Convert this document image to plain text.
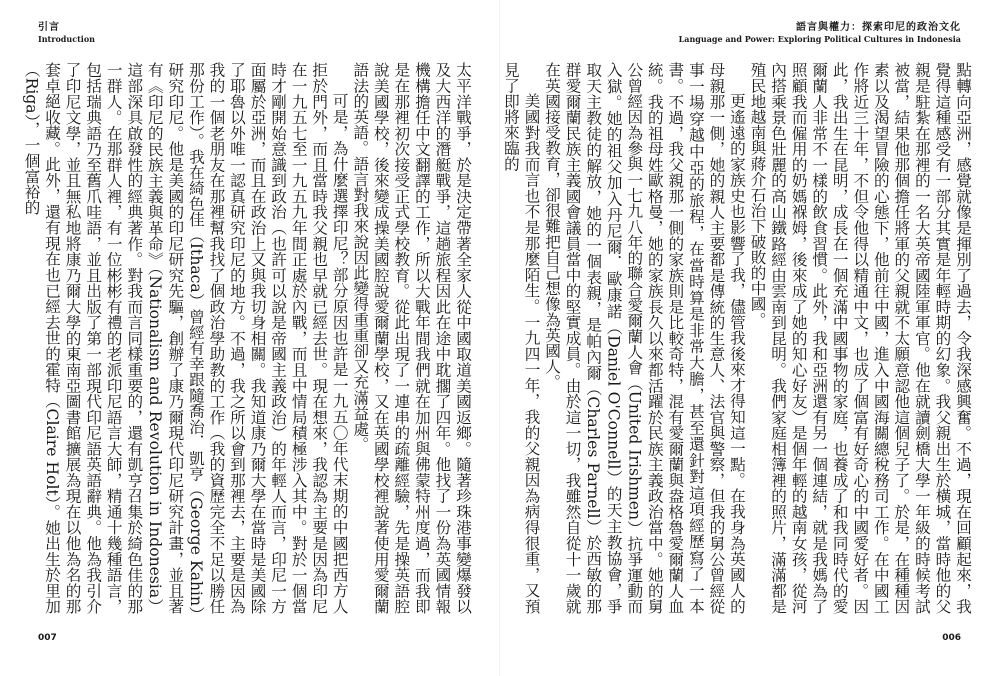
語言與權力：探索印尼的政治文化
Language and Power: Exploring Political Cultures in Indonesia

點轉向亞洲，感覺就像是揮別了過去，令我深感興奮。不過，現在回顧起來，我覺得這種感受有一部分其實是年輕時期的幻象。我父親出生於橫城，當時他的父親是駐紮在那裡的一名大英帝國陸軍軍官。他在就讀劍橋大學一年級的時候考試被當，結果他那個擔任將軍的父親就不太願意認他這個兒子了。於是，在種種因素以及渴望冒險的心態下，他前往中國，進入中國海關總稅務司工作。在中國工作將近三十年，不但令他得以精通中文，也成了個富有好奇心的中國愛好者。因此，我出生在昆明，成長在一個充滿中國事物的家庭，也養成了和我同時代的愛爾蘭人非常不一樣的飲食習慣。此外，我和亞洲還有另一個連結，就是我媽為了照顧我而僱用的奶媽褓姆，後來成了她的知心好友）是個年輕的越南女孩，從河內搭乘景色壯麗的高山鐵路經由雲南到昆明。我們家庭相簿裡的照片，滿滿都是殖民地越南與蔣介石治下破敗的中國。

更遙遠的家族史也影響了我，儘管我後來才得知這一點。在我身為英國人的母親那一側，她的親人主要都是傳統的生意人、法官與警察，但我的舅公曾經從事一場穿越中亞的旅程，在當時算是非常大膽，甚至還針對這項經歷寫了一本書。不過，我父親那一側的家族則是比較奇特，混有愛爾蘭與盎格魯愛爾蘭人血統。我的祖母姓歐格曼，她的家族長久以來都活躍於民族主義政治當中。她的舅公曾經因為參與一七九八年的聯合愛爾蘭人會（United Irishmen）抗爭運動而入獄。她的祖父加入丹尼爾．歐康諾（Daniel O'Connell）的天主教協會，爭取天主教徒的解放，她的一個表親，是帕內爾（Charles Parnell）於西敏的那群愛爾蘭民族主義國會議員當中的堅實成員。由於這一切，我雖然自從十一歲就在英國接受教育，卻很難把自己想像為英國人。

美國對我而言也不是那麼陌生。一九四一年，我的父親因為病得很重，又預見了即將來臨的

006
引言
Introduction

太平洋戰爭，於是決定帶著全家人從中國取道美國返鄉。隨著珍珠港事變爆發以及大西洋的潛艇戰爭，這趟旅程因此在途中耽擱了四年。他找了一份為英國情報機構擔任中文翻譯的工作，所以大戰年間我們就在加州與佛蒙特州度過，而我即是在那裡初次接受正式學校教育。從此出現了一連串的疏離經驗，先是操英語腔說美國學校，後來變成操美國腔說愛爾蘭學校，又在英國學校裡說著使用愛爾蘭語法的英語。語言對我來說因此變得重重卻又充滿益處。

可是，為什麼選擇印尼？部分原因也許是一九五〇年代末期的中國把西方人拒於門外，而且當時我父親也早就已經去世。現在想來，我認為主要是因為印尼在一九五七至一九五九年間正處於內戰，而且中情局積極涉入其中。對於一個當時才剛開始意識到政治（也許可以說是帝國主義政治）的年輕人而言，印尼一方面屬於亞洲，而且在政治上又與我切身相關。我知道康乃爾大學在當時是美國除了耶魯以外唯一認真研究印尼的地方。不過，我之所以會到那裡去，主要是因為我的一個老朋友在那裡幫我找了個政治學助教的工作（我的資歷完全不足以勝任那份工作）。我在綺色佳（Ithaca）曾經有幸跟隨喬治．凱亨（George Kahin）研究印尼。他是美國的印尼研究先驅，創辦了康乃爾現代印尼研究計畫，並且著有《印尼的民族主義與革命》（Nationalism and Revolution in Indonesia）這部深具啟發性的經典著作。對我而言同樣重要的，還有凱亨召集於綺色佳的那一群人。在那群人裡，有一位彬彬有禮的老派印尼語言大師，精通十幾種語言，包括瑞典語乃至舊爪哇語，並且出版了第一部現代印尼語英語辭典。他為我引介了印尼文學，並且無私地將康乃爾大學的東南亞圖書館擴展為現在以他為名的那套卓絕收藏。此外，還有現在也已經去世的霍特（Claire Holt）。她出生於里加（Riga），一個富裕的

007
